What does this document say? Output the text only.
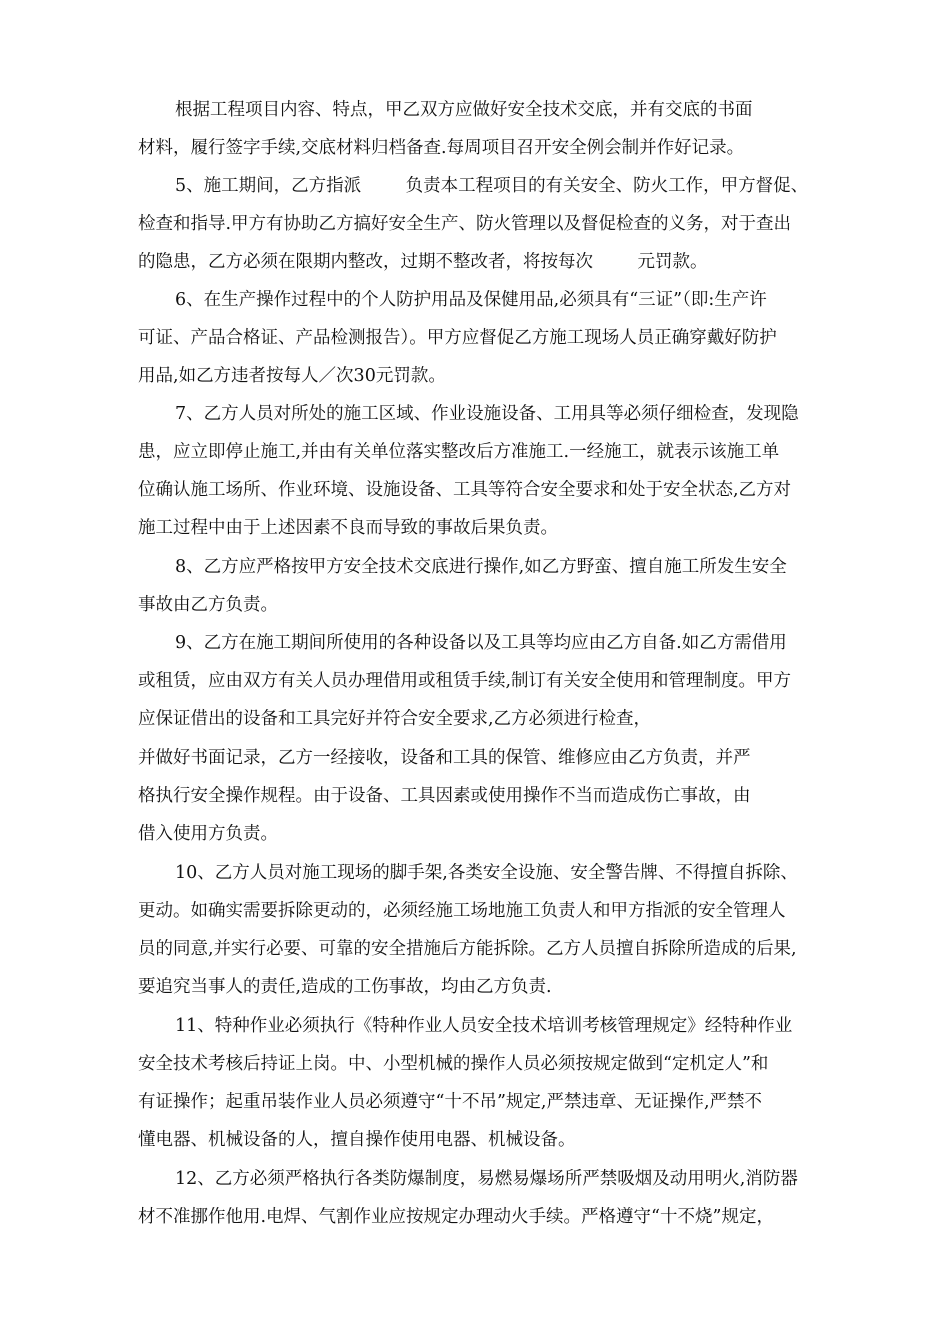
根据工程项目内容、特点，甲乙双方应做好安全技术交底，并有交底的书面
材料，履行签字手续,交底材料归档备查.每周项目召开安全例会制并作好记录。
5、施工期间，乙方指派        负责本工程项目的有关安全、防火工作，甲方督促、
检查和指导.甲方有协助乙方搞好安全生产、防火管理以及督促检查的义务，对于查出
的隐患，乙方必须在限期内整改，过期不整改者，将按每次        元罚款。
6、在生产操作过程中的个人防护用品及保健用品,必须具有“三证”（即:生产许
可证、产品合格证、产品检测报告）。甲方应督促乙方施工现场人员正确穿戴好防护
用品,如乙方违者按每人／次30元罚款。
7、乙方人员对所处的施工区域、作业设施设备、工用具等必须仔细检查，发现隐
患，应立即停止施工,并由有关单位落实整改后方准施工.一经施工，就表示该施工单
位确认施工场所、作业环境、设施设备、工具等符合安全要求和处于安全状态,乙方对
施工过程中由于上述因素不良而导致的事故后果负责。
8、乙方应严格按甲方安全技术交底进行操作,如乙方野蛮、擅自施工所发生安全
事故由乙方负责。
9、乙方在施工期间所使用的各种设备以及工具等均应由乙方自备.如乙方需借用
或租赁，应由双方有关人员办理借用或租赁手续,制订有关安全使用和管理制度。甲方
应保证借出的设备和工具完好并符合安全要求,乙方必须进行检查，
并做好书面记录，乙方一经接收，设备和工具的保管、维修应由乙方负责，并严
格执行安全操作规程。由于设备、工具因素或使用操作不当而造成伤亡事故，由
借入使用方负责。
10、乙方人员对施工现场的脚手架,各类安全设施、安全警告牌、不得擅自拆除、
更动。如确实需要拆除更动的，必须经施工场地施工负责人和甲方指派的安全管理人
员的同意,并实行必要、可靠的安全措施后方能拆除。乙方人员擅自拆除所造成的后果,
要追究当事人的责任,造成的工伤事故，均由乙方负责.
11、特种作业必须执行《特种作业人员安全技术培训考核管理规定》经特种作业
安全技术考核后持证上岗。中、小型机械的操作人员必须按规定做到“定机定人”和
有证操作；起重吊装作业人员必须遵守“十不吊”规定,严禁违章、无证操作,严禁不
懂电器、机械设备的人，擅自操作使用电器、机械设备。
12、乙方必须严格执行各类防爆制度，易燃易爆场所严禁吸烟及动用明火,消防器
材不准挪作他用.电焊、气割作业应按规定办理动火手续。严格遵守“十不烧”规定，
